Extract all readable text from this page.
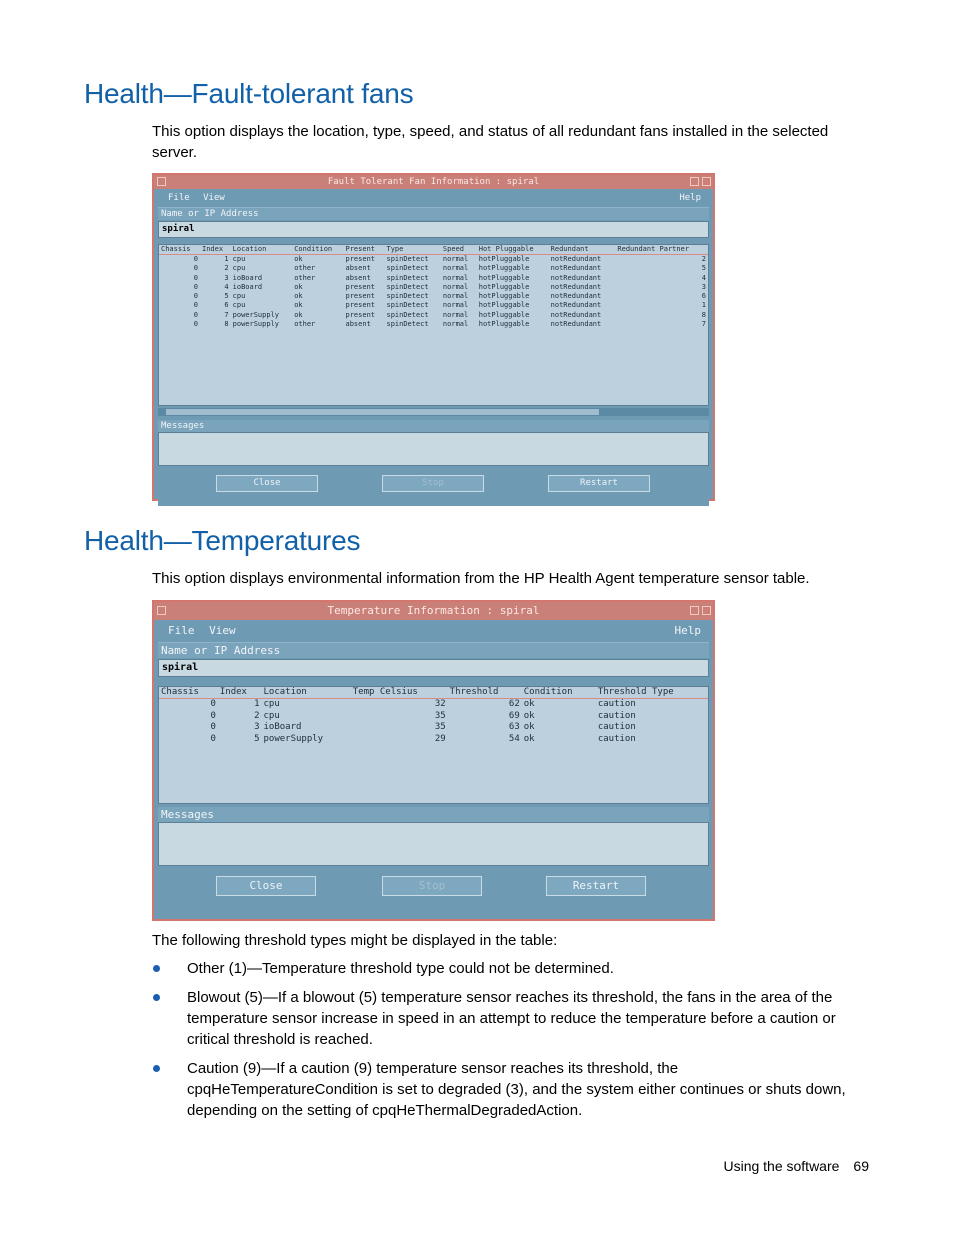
Health—Fault-tolerant fans

This option displays the location, type, speed, and status of all redundant fans installed in the selected server.

Fault Tolerant Fan Information : spiral
File View	Help
Name or IP Address
spiral
Chassis	Index	Location	Condition	Present	Type	Speed	Hot Pluggable	Redundant	Redundant Partner
0	1	cpu	ok	present	spinDetect	normal	hotPluggable	notRedundant	2
0	2	cpu	other	absent	spinDetect	normal	hotPluggable	notRedundant	5
0	3	ioBoard	other	absent	spinDetect	normal	hotPluggable	notRedundant	4
0	4	ioBoard	ok	present	spinDetect	normal	hotPluggable	notRedundant	3
0	5	cpu	ok	present	spinDetect	normal	hotPluggable	notRedundant	6
0	6	cpu	ok	present	spinDetect	normal	hotPluggable	notRedundant	1
0	7	powerSupply	ok	present	spinDetect	normal	hotPluggable	notRedundant	8
0	8	powerSupply	other	absent	spinDetect	normal	hotPluggable	notRedundant	7
Messages
Close	Stop	Restart
Health—Temperatures

This option displays environmental information from the HP Health Agent temperature sensor table.

Temperature Information : spiral
File View	Help
Name or IP Address
spiral
Chassis	Index	Location	Temp Celsius	Threshold	Condition	Threshold Type
0	1	cpu	32	62	ok	caution
0	2	cpu	35	69	ok	caution
0	3	ioBoard	35	63	ok	caution
0	5	powerSupply	29	54	ok	caution
Messages
Close	Stop	Restart

The following threshold types might be displayed in the table:

Other (1)—Temperature threshold type could not be determined.
Blowout (5)—If a blowout (5) temperature sensor reaches its threshold, the fans in the area of the temperature sensor increase in speed in an attempt to reduce the temperature before a caution or critical threshold is reached.
Caution (9)—If a caution (9) temperature sensor reaches its threshold, the cpqHeTemperatureCondition is set to degraded (3), and the system either continues or shuts down, depending on the setting of cpqHeThermalDegradedAction.
Using the software 69
